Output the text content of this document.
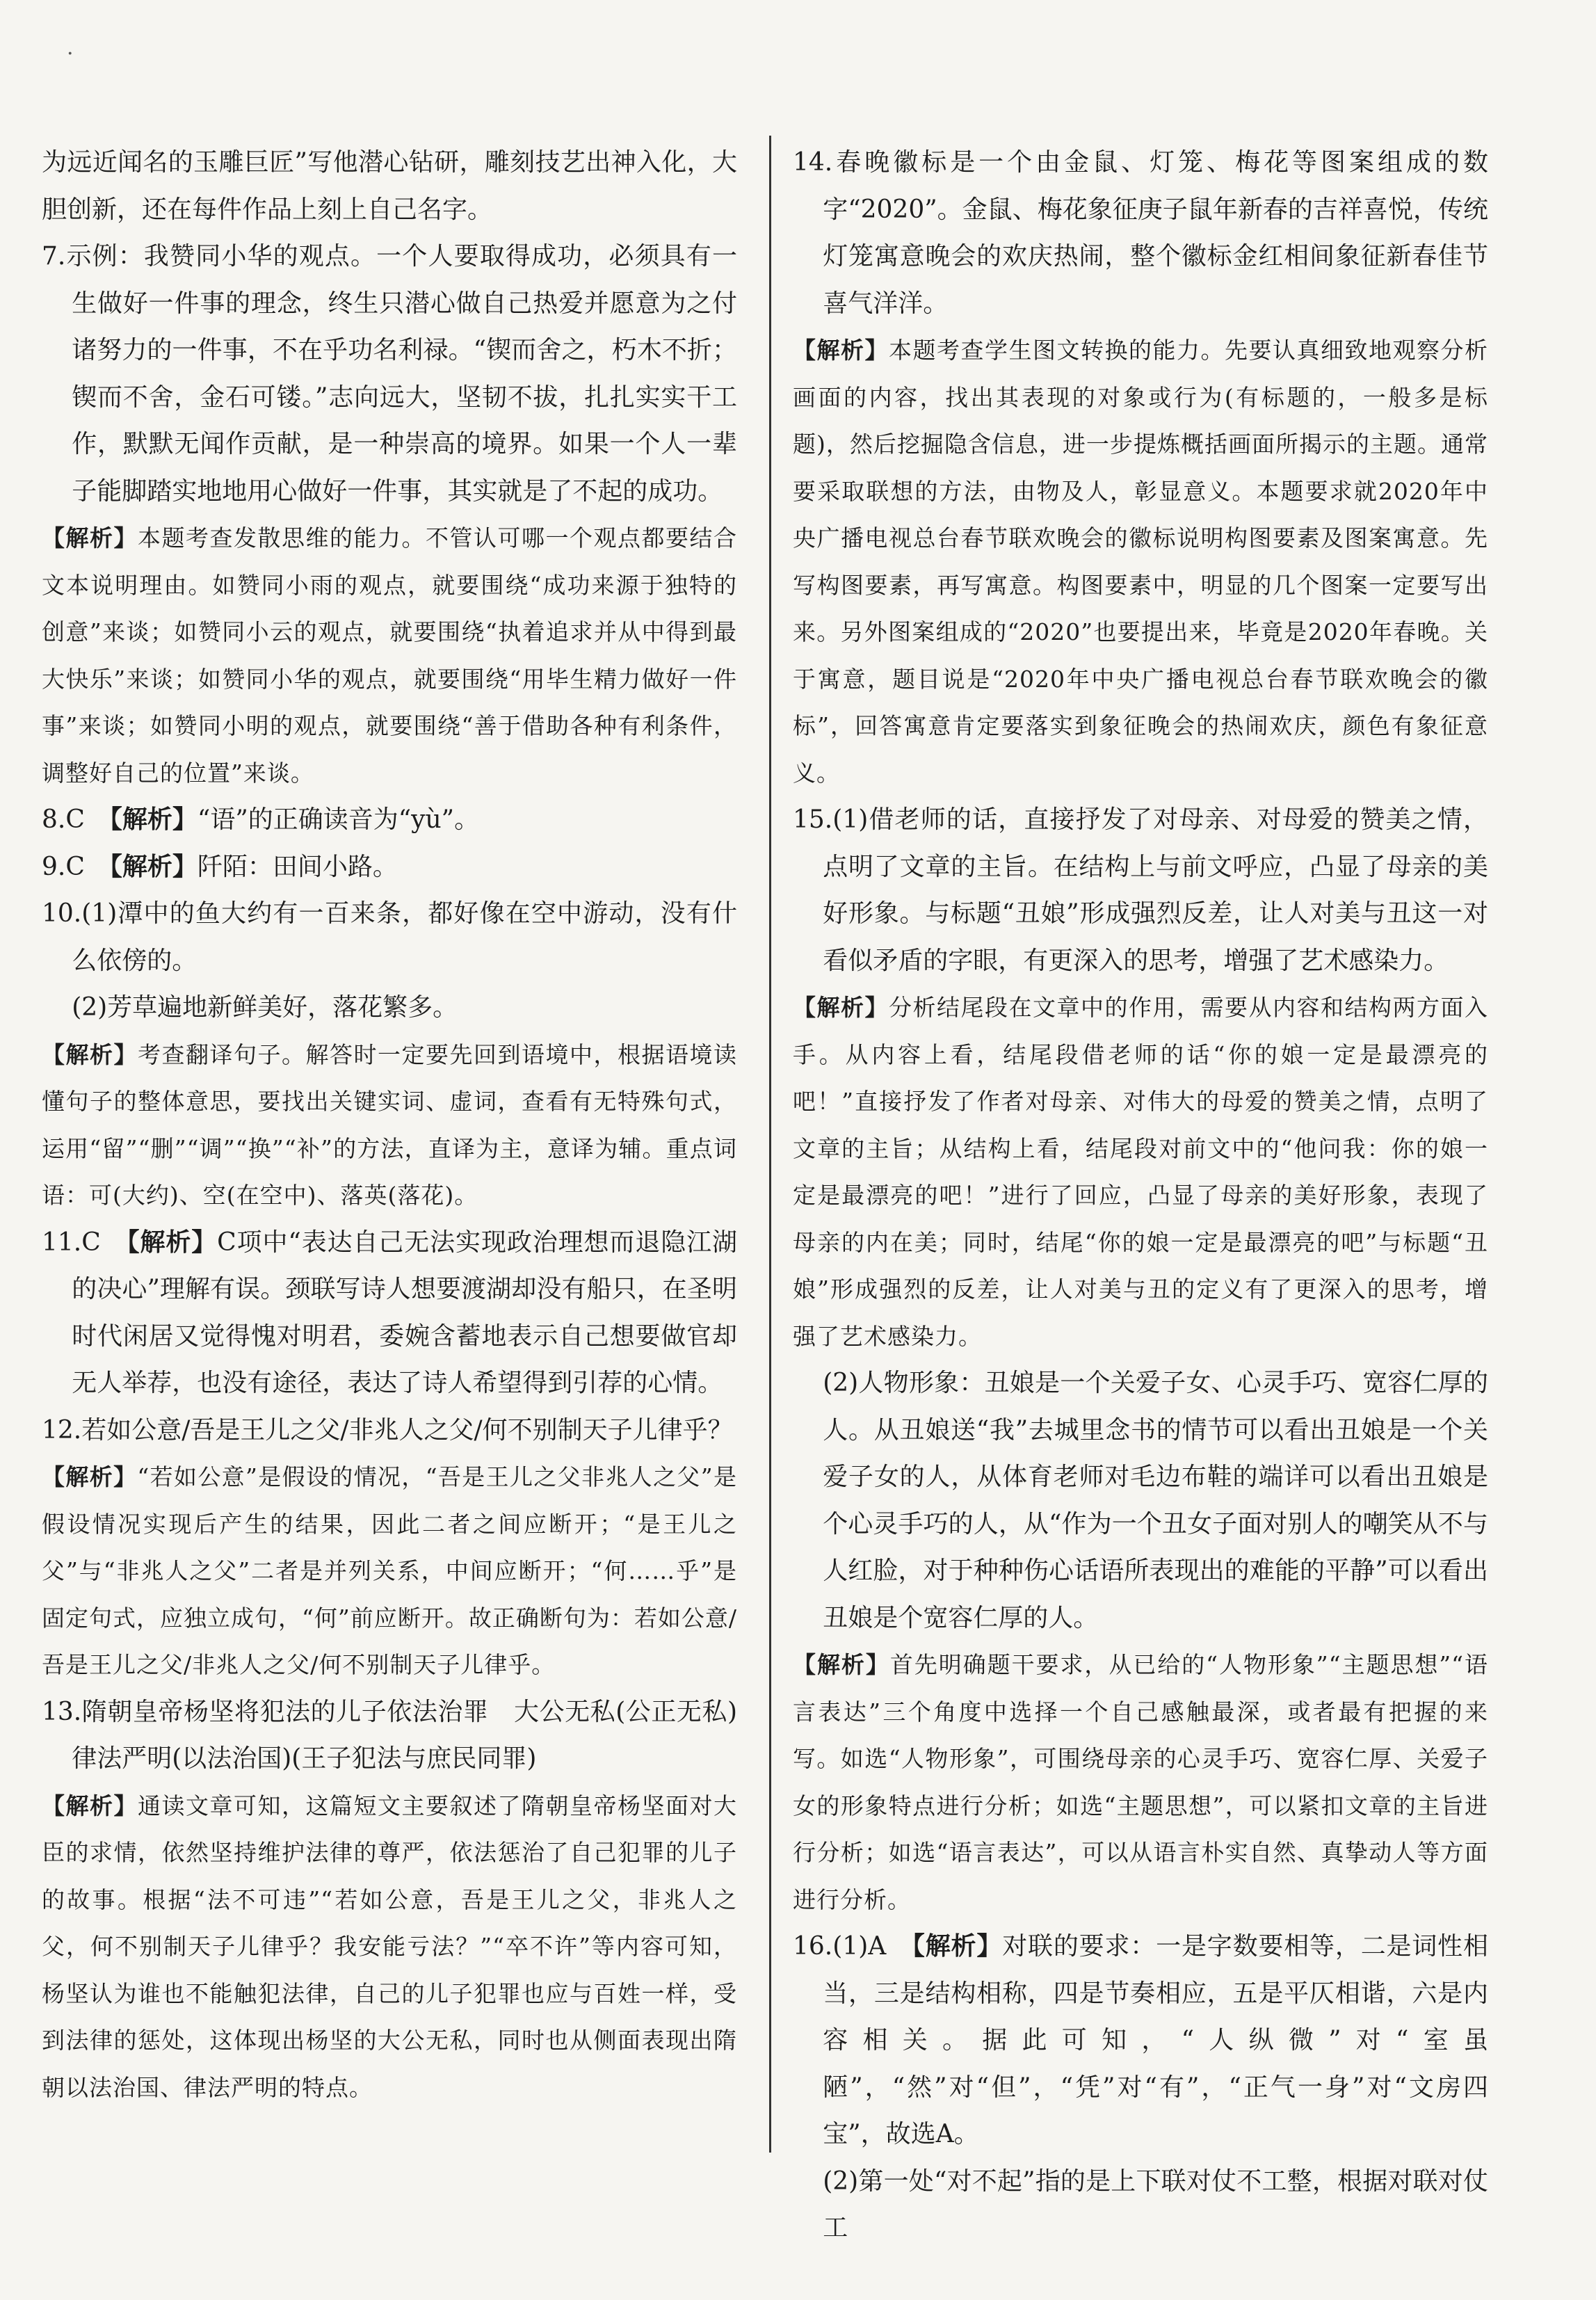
·

为远近闻名的玉雕巨匠”写他潜心钻研，雕刻技艺出神入化，大胆创新，还在每件作品上刻上自己名字。

7.示例：我赞同小华的观点。一个人要取得成功，必须具有一生做好一件事的理念，终生只潜心做自己热爱并愿意为之付诸努力的一件事，不在乎功名利禄。“锲而舍之，朽木不折；锲而不舍，金石可镂。”志向远大，坚韧不拔，扎扎实实干工作，默默无闻作贡献，是一种崇高的境界。如果一个人一辈子能脚踏实地地用心做好一件事，其实就是了不起的成功。

【解析】本题考查发散思维的能力。不管认可哪一个观点都要结合文本说明理由。如赞同小雨的观点，就要围绕“成功来源于独特的创意”来谈；如赞同小云的观点，就要围绕“执着追求并从中得到最大快乐”来谈；如赞同小华的观点，就要围绕“用毕生精力做好一件事”来谈；如赞同小明的观点，就要围绕“善于借助各种有利条件，调整好自己的位置”来谈。

8.C　【解析】“语”的正确读音为“yù”。

9.C　【解析】阡陌：田间小路。

10.(1)潭中的鱼大约有一百来条，都好像在空中游动，没有什么依傍的。

(2)芳草遍地新鲜美好，落花繁多。

【解析】考查翻译句子。解答时一定要先回到语境中，根据语境读懂句子的整体意思，要找出关键实词、虚词，查看有无特殊句式，运用“留”“删”“调”“换”“补”的方法，直译为主，意译为辅。重点词语：可(大约)、空(在空中)、落英(落花)。

11.C　【解析】C项中“表达自己无法实现政治理想而退隐江湖的决心”理解有误。颈联写诗人想要渡湖却没有船只，在圣明时代闲居又觉得愧对明君，委婉含蓄地表示自己想要做官却无人举荐，也没有途径，表达了诗人希望得到引荐的心情。

12.若如公意/吾是王儿之父/非兆人之父/何不别制天子儿律乎？

【解析】“若如公意”是假设的情况，“吾是王儿之父非兆人之父”是假设情况实现后产生的结果，因此二者之间应断开；“是王儿之父”与“非兆人之父”二者是并列关系，中间应断开；“何……乎”是固定句式，应独立成句，“何”前应断开。故正确断句为：若如公意/吾是王儿之父/非兆人之父/何不别制天子儿律乎。

13.隋朝皇帝杨坚将犯法的儿子依法治罪　大公无私(公正无私)　律法严明(以法治国)(王子犯法与庶民同罪)

【解析】通读文章可知，这篇短文主要叙述了隋朝皇帝杨坚面对大臣的求情，依然坚持维护法律的尊严，依法惩治了自己犯罪的儿子的故事。根据“法不可违”“若如公意，吾是王儿之父，非兆人之父，何不别制天子儿律乎？我安能亏法？”“卒不许”等内容可知，杨坚认为谁也不能触犯法律，自己的儿子犯罪也应与百姓一样，受到法律的惩处，这体现出杨坚的大公无私，同时也从侧面表现出隋朝以法治国、律法严明的特点。

14.春晚徽标是一个由金鼠、灯笼、梅花等图案组成的数字“2020”。金鼠、梅花象征庚子鼠年新春的吉祥喜悦，传统灯笼寓意晚会的欢庆热闹，整个徽标金红相间象征新春佳节喜气洋洋。

【解析】本题考查学生图文转换的能力。先要认真细致地观察分析画面的内容，找出其表现的对象或行为(有标题的，一般多是标题)，然后挖掘隐含信息，进一步提炼概括画面所揭示的主题。通常要采取联想的方法，由物及人，彰显意义。本题要求就2020年中央广播电视总台春节联欢晚会的徽标说明构图要素及图案寓意。先写构图要素，再写寓意。构图要素中，明显的几个图案一定要写出来。另外图案组成的“2020”也要提出来，毕竟是2020年春晚。关于寓意，题目说是“2020年中央广播电视总台春节联欢晚会的徽标”，回答寓意肯定要落实到象征晚会的热闹欢庆，颜色有象征意义。

15.(1)借老师的话，直接抒发了对母亲、对母爱的赞美之情，点明了文章的主旨。在结构上与前文呼应，凸显了母亲的美好形象。与标题“丑娘”形成强烈反差，让人对美与丑这一对看似矛盾的字眼，有更深入的思考，增强了艺术感染力。

【解析】分析结尾段在文章中的作用，需要从内容和结构两方面入手。从内容上看，结尾段借老师的话“你的娘一定是最漂亮的吧！”直接抒发了作者对母亲、对伟大的母爱的赞美之情，点明了文章的主旨；从结构上看，结尾段对前文中的“他问我：你的娘一定是最漂亮的吧！”进行了回应，凸显了母亲的美好形象，表现了母亲的内在美；同时，结尾“你的娘一定是最漂亮的吧”与标题“丑娘”形成强烈的反差，让人对美与丑的定义有了更深入的思考，增强了艺术感染力。

(2)人物形象：丑娘是一个关爱子女、心灵手巧、宽容仁厚的人。从丑娘送“我”去城里念书的情节可以看出丑娘是一个关爱子女的人，从体育老师对毛边布鞋的端详可以看出丑娘是个心灵手巧的人，从“作为一个丑女子面对别人的嘲笑从不与人红脸，对于种种伤心话语所表现出的难能的平静”可以看出丑娘是个宽容仁厚的人。

【解析】首先明确题干要求，从已给的“人物形象”“主题思想”“语言表达”三个角度中选择一个自己感触最深，或者最有把握的来写。如选“人物形象”，可围绕母亲的心灵手巧、宽容仁厚、关爱子女的形象特点进行分析；如选“主题思想”，可以紧扣文章的主旨进行分析；如选“语言表达”，可以从语言朴实自然、真挚动人等方面进行分析。

16.(1)A　【解析】对联的要求：一是字数要相等，二是词性相当，三是结构相称，四是节奏相应，五是平仄相谐，六是内容相关。据此可知，“人纵微”对“室虽陋”，“然”对“但”，“凭”对“有”，“正气一身”对“文房四宝”，故选A。

(2)第一处“对不起”指的是上下联对仗不工整，根据对联对仗工
